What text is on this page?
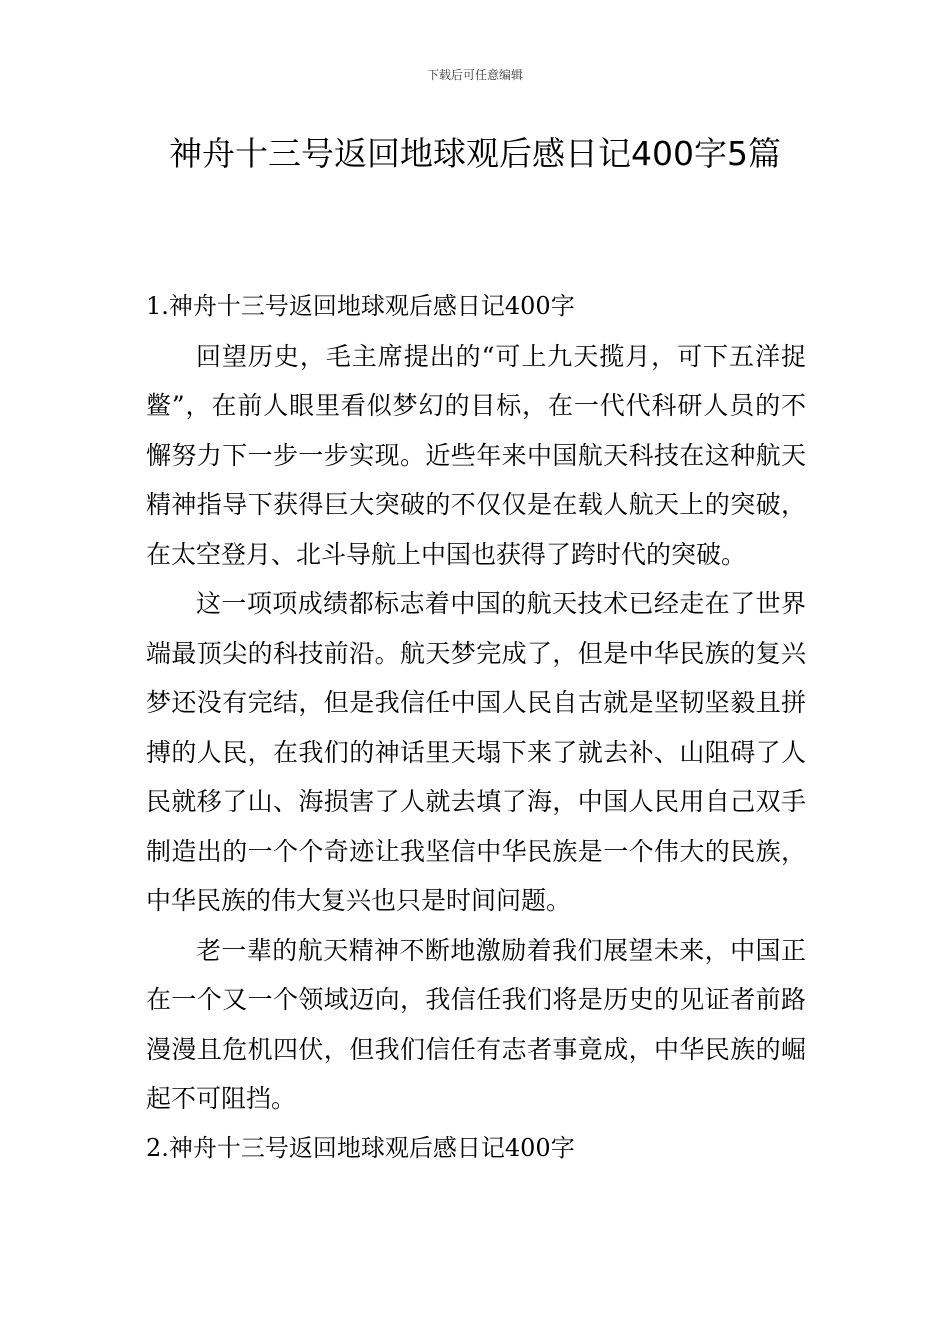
下载后可任意编辑
神舟十三号返回地球观后感日记400字5篇

1.神舟十三号返回地球观后感日记400字

回望历史，毛主席提出的“可上九天揽月，可下五洋捉鳖”，在前人眼里看似梦幻的目标，在一代代科研人员的不懈努力下一步一步实现。近些年来中国航天科技在这种航天精神指导下获得巨大突破的不仅仅是在载人航天上的突破，在太空登月、北斗导航上中国也获得了跨时代的突破。

这一项项成绩都标志着中国的航天技术已经走在了世界端最顶尖的科技前沿。航天梦完成了，但是中华民族的复兴梦还没有完结，但是我信任中国人民自古就是坚韧坚毅且拼搏的人民，在我们的神话里天塌下来了就去补、山阻碍了人民就移了山、海损害了人就去填了海，中国人民用自己双手制造出的一个个奇迹让我坚信中华民族是一个伟大的民族，中华民族的伟大复兴也只是时间问题。

老一辈的航天精神不断地激励着我们展望未来，中国正在一个又一个领域迈向，我信任我们将是历史的见证者前路漫漫且危机四伏，但我们信任有志者事竟成，中华民族的崛起不可阻挡。

2.神舟十三号返回地球观后感日记400字
